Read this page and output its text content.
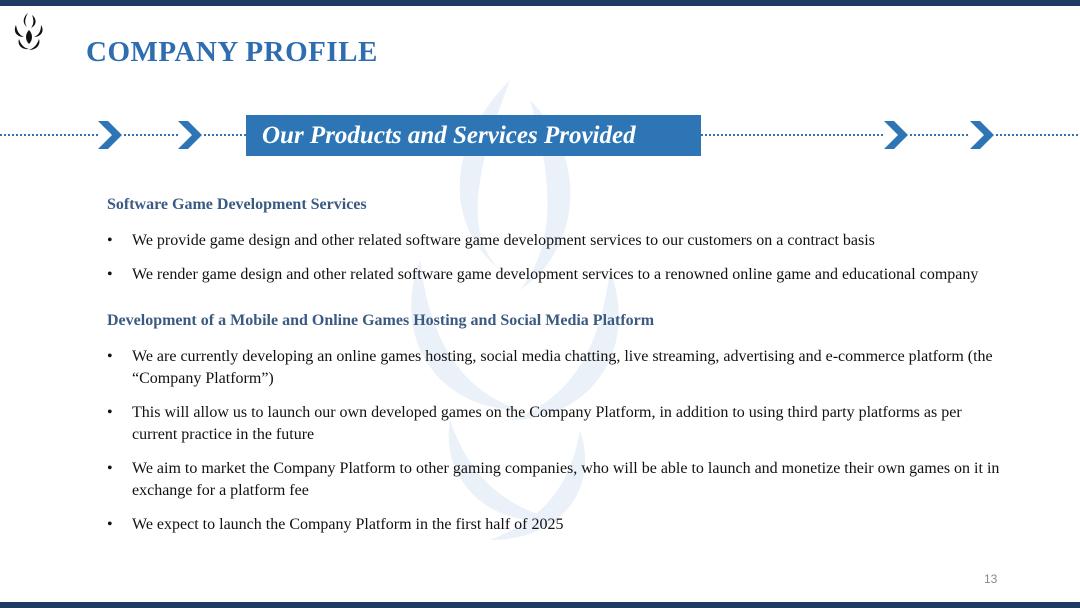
COMPANY PROFILE
Our Products and Services Provided
Software Game Development Services
• We provide game design and other related software game development services to our customers on a contract basis
• We render game design and other related software game development services to a renowned online game and educational company
Development of a Mobile and Online Games Hosting and Social Media Platform
• We are currently developing an online games hosting, social media chatting, live streaming, advertising and e-commerce platform (the “Company Platform”)
• This will allow us to launch our own developed games on the Company Platform, in addition to using third party platforms as per current practice in the future
• We aim to market the Company Platform to other gaming companies, who will be able to launch and monetize their own games on it in exchange for a platform fee
• We expect to launch the Company Platform in the first half of 2025
13
